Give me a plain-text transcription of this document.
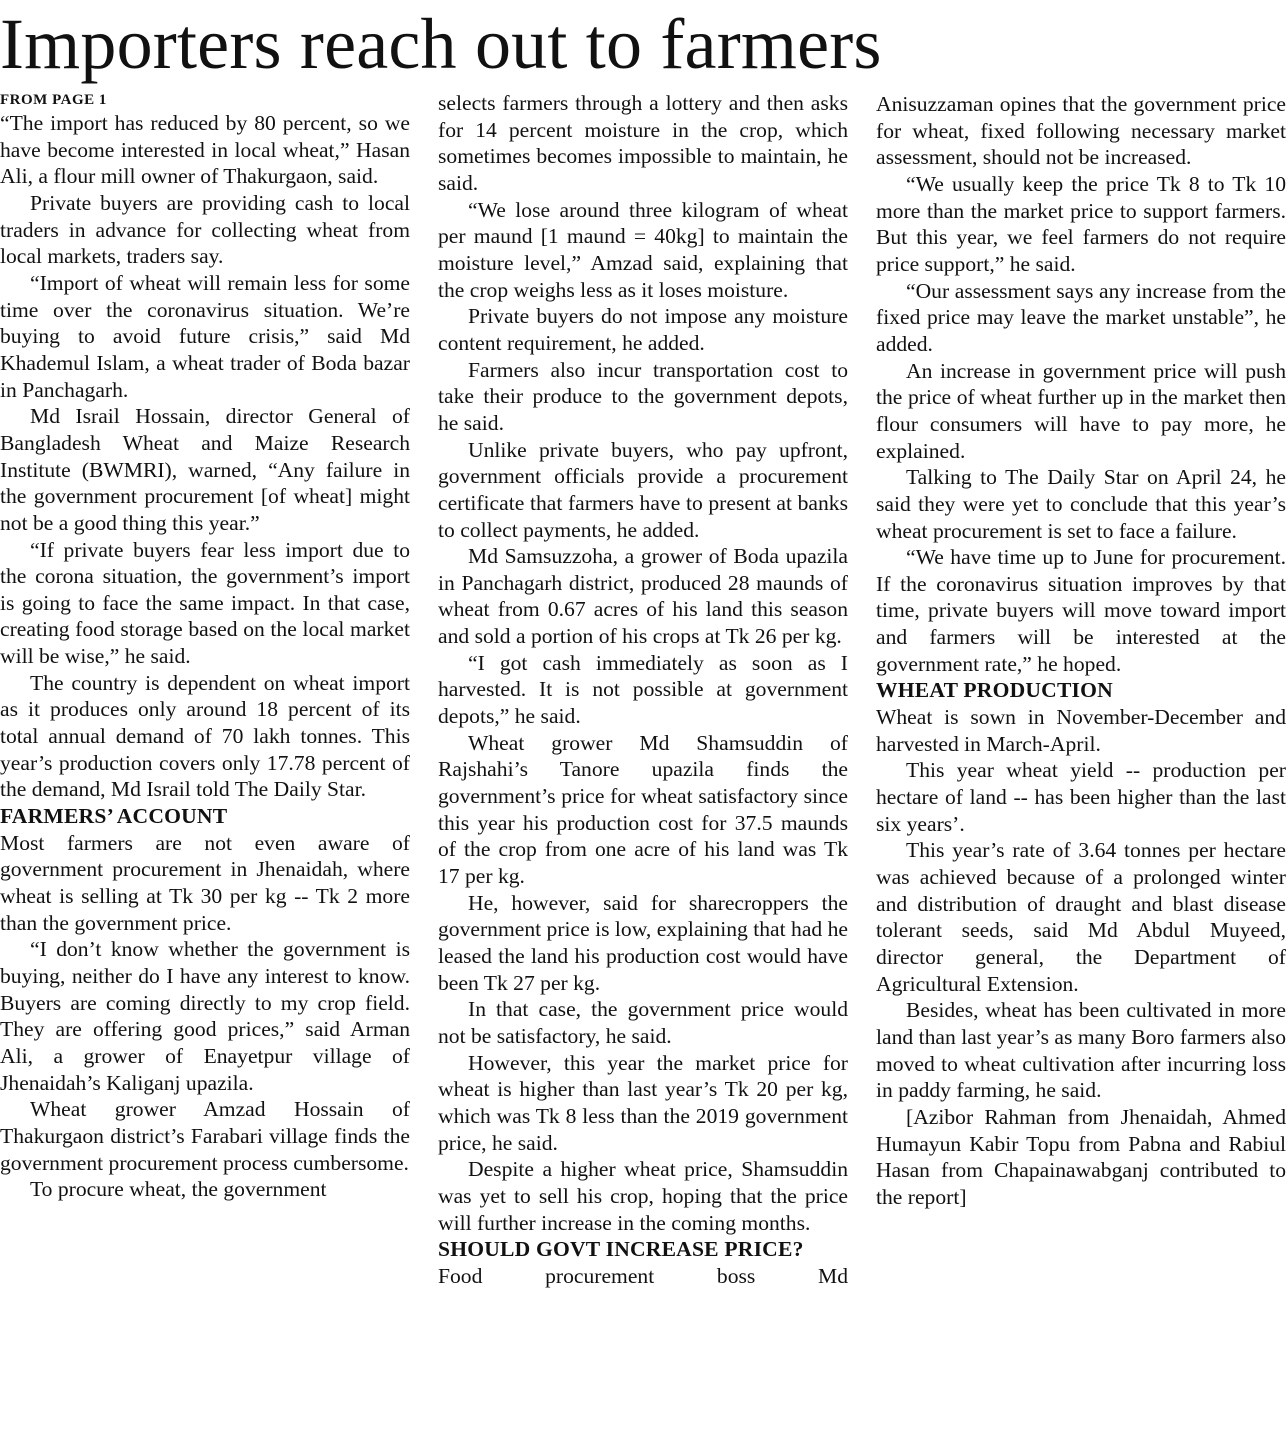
Importers reach out to farmers
FROM PAGE 1

“The import has reduced by 80 percent, so we have become interested in local wheat,” Hasan Ali, a flour mill owner of Thakurgaon, said.

Private buyers are providing cash to local traders in advance for collecting wheat from local markets, traders say.

“Import of wheat will remain less for some time over the coronavirus situation. We’re buying to avoid future crisis,” said Md Khademul Islam, a wheat trader of Boda bazar in Panchagarh.

Md Israil Hossain, director General of Bangladesh Wheat and Maize Research Institute (BWMRI), warned, “Any failure in the government procurement [of wheat] might not be a good thing this year.”

“If private buyers fear less import due to the corona situation, the government’s import is going to face the same impact. In that case, creating food storage based on the local market will be wise,” he said.

The country is dependent on wheat import as it produces only around 18 percent of its total annual demand of 70 lakh tonnes. This year’s production covers only 17.78 percent of the demand, Md Israil told The Daily Star.

FARMERS’ ACCOUNT

Most farmers are not even aware of government procurement in Jhenaidah, where wheat is selling at Tk 30 per kg -- Tk 2 more than the government price.

“I don’t know whether the government is buying, neither do I have any interest to know. Buyers are coming directly to my crop field. They are offering good prices,” said Arman Ali, a grower of Enayetpur village of Jhenaidah’s Kaliganj upazila.

Wheat grower Amzad Hossain of Thakurgaon district’s Farabari village finds the government procurement process cumbersome.

To procure wheat, the government

selects farmers through a lottery and then asks for 14 percent moisture in the crop, which sometimes becomes impossible to maintain, he said.

“We lose around three kilogram of wheat per maund [1 maund = 40kg] to maintain the moisture level,” Amzad said, explaining that the crop weighs less as it loses moisture.

Private buyers do not impose any moisture content requirement, he added.

Farmers also incur transportation cost to take their produce to the government depots, he said.

Unlike private buyers, who pay upfront, government officials provide a procurement certificate that farmers have to present at banks to collect payments, he added.

Md Samsuzzoha, a grower of Boda upazila in Panchagarh district, produced 28 maunds of wheat from 0.67 acres of his land this season and sold a portion of his crops at Tk 26 per kg.

“I got cash immediately as soon as I harvested. It is not possible at government depots,” he said.

Wheat grower Md Shamsuddin of Rajshahi’s Tanore upazila finds the government’s price for wheat satisfactory since this year his production cost for 37.5 maunds of the crop from one acre of his land was Tk 17 per kg.

He, however, said for sharecroppers the government price is low, explaining that had he leased the land his production cost would have been Tk 27 per kg.

In that case, the government price would not be satisfactory, he said.

However, this year the market price for wheat is higher than last year’s Tk 20 per kg, which was Tk 8 less than the 2019 government price, he said.

Despite a higher wheat price, Shamsuddin was yet to sell his crop, hoping that the price will further increase in the coming months.

SHOULD GOVT INCREASE PRICE?

Food procurement boss Md

Anisuzzaman opines that the government price for wheat, fixed following necessary market assessment, should not be increased.

“We usually keep the price Tk 8 to Tk 10 more than the market price to support farmers. But this year, we feel farmers do not require price support,” he said.

“Our assessment says any increase from the fixed price may leave the market unstable”, he added.

An increase in government price will push the price of wheat further up in the market then flour consumers will have to pay more, he explained.

Talking to The Daily Star on April 24, he said they were yet to conclude that this year’s wheat procurement is set to face a failure.

“We have time up to June for procurement. If the coronavirus situation improves by that time, private buyers will move toward import and farmers will be interested at the government rate,” he hoped.

WHEAT PRODUCTION

Wheat is sown in November-December and harvested in March-April.

This year wheat yield -- production per hectare of land -- has been higher than the last six years’.

This year’s rate of 3.64 tonnes per hectare was achieved because of a prolonged winter and distribution of draught and blast disease tolerant seeds, said Md Abdul Muyeed, director general, the Department of Agricultural Extension.

Besides, wheat has been cultivated in more land than last year’s as many Boro farmers also moved to wheat cultivation after incurring loss in paddy farming, he said.

[Azibor Rahman from Jhenaidah, Ahmed Humayun Kabir Topu from Pabna and Rabiul Hasan from Chapainawabganj contributed to the report]
